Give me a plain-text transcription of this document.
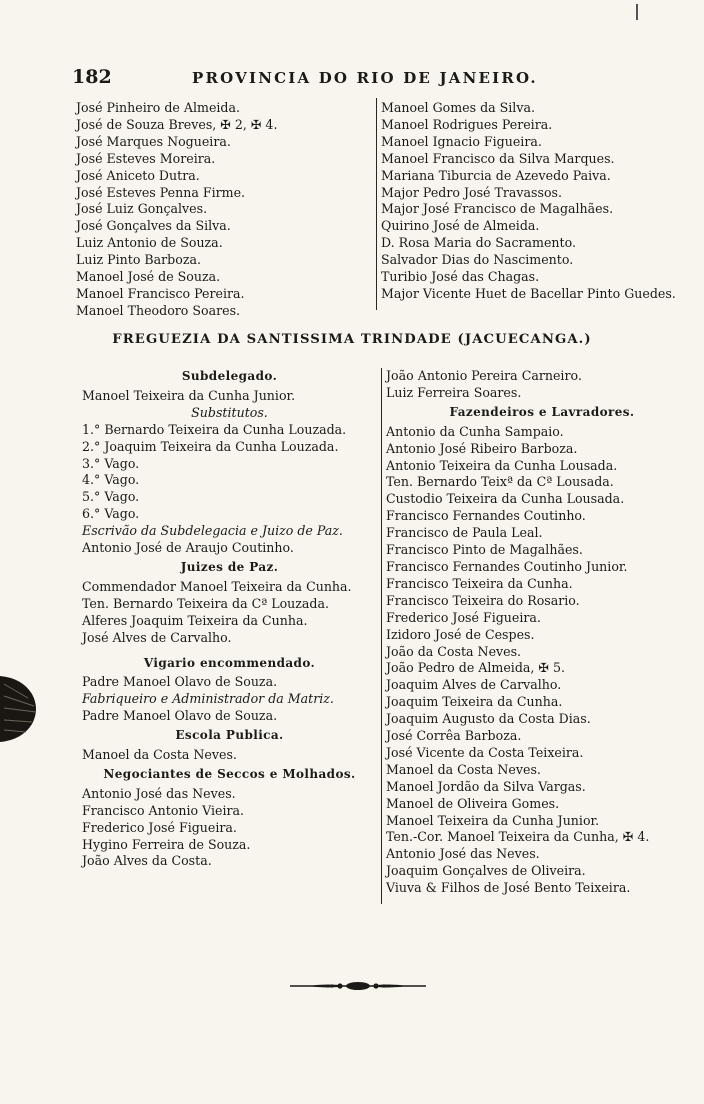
182	PROVINCIA DO RIO DE JANEIRO.
José Pinheiro de Almeida.
José de Souza Breves, ✠ 2, ✠ 4.
José Marques Nogueira.
José Esteves Moreira.
José Aniceto Dutra.
José Esteves Penna Firme.
José Luiz Gonçalves.
José Gonçalves da Silva.
Luiz Antonio de Souza.
Luiz Pinto Barboza.
Manoel José de Souza.
Manoel Francisco Pereira.
Manoel Theodoro Soares.
Manoel Gomes da Silva.
Manoel Rodrigues Pereira.
Manoel Ignacio Figueira.
Manoel Francisco da Silva Marques.
Mariana Tiburcia de Azevedo Paiva.
Major Pedro José Travassos.
Major José Francisco de Magalhães.
Quirino José de Almeida.
D. Rosa Maria do Sacramento.
Salvador Dias do Nascimento.
Turibio José das Chagas.
Major Vicente Huet de Bacellar Pinto Guedes.
FREGUEZIA DA SANTISSIMA TRINDADE (JACUECANGA.)
Subdelegado.
Manoel Teixeira da Cunha Junior.
Substitutos.
1.° Bernardo Teixeira da Cunha Louzada.
2.° Joaquim Teixeira da Cunha Louzada.
3.° Vago.
4.° Vago.
5.° Vago.
6.° Vago.
Escrivão da Subdelegacia e Juizo de Paz.
Antonio José de Araujo Coutinho.
Juizes de Paz.
Commendador Manoel Teixeira da Cunha.
Ten. Bernardo Teixeira da Cª Louzada.
Alferes Joaquim Teixeira da Cunha.
José Alves de Carvalho.
Vigario encommendado.
Padre Manoel Olavo de Souza.
Fabriqueiro e Administrador da Matriz.
Padre Manoel Olavo de Souza.
Escola Publica.
Manoel da Costa Neves.
Negociantes de Seccos e Molhados.
Antonio José das Neves.
Francisco Antonio Vieira.
Frederico José Figueira.
Hygino Ferreira de Souza.
João Alves da Costa.
João Antonio Pereira Carneiro.
Luiz Ferreira Soares.
Fazendeiros e Lavradores.
Antonio da Cunha Sampaio.
Antonio José Ribeiro Barboza.
Antonio Teixeira da Cunha Lousada.
Ten. Bernardo Teixª da Cª Lousada.
Custodio Teixeira da Cunha Lousada.
Francisco Fernandes Coutinho.
Francisco de Paula Leal.
Francisco Pinto de Magalhães.
Francisco Fernandes Coutinho Junior.
Francisco Teixeira da Cunha.
Francisco Teixeira do Rosario.
Frederico José Figueira.
Izidoro José de Cespes.
João da Costa Neves.
João Pedro de Almeida, ✠ 5.
Joaquim Alves de Carvalho.
Joaquim Teixeira da Cunha.
Joaquim Augusto da Costa Dias.
José Corrêa Barboza.
José Vicente da Costa Teixeira.
Manoel da Costa Neves.
Manoel Jordão da Silva Vargas.
Manoel de Oliveira Gomes.
Manoel Teixeira da Cunha Junior.
Ten.-Cor. Manoel Teixeira da Cunha, ✠ 4.
Antonio José das Neves.
Joaquim Gonçalves de Oliveira.
Viuva & Filhos de José Bento Teixeira.
